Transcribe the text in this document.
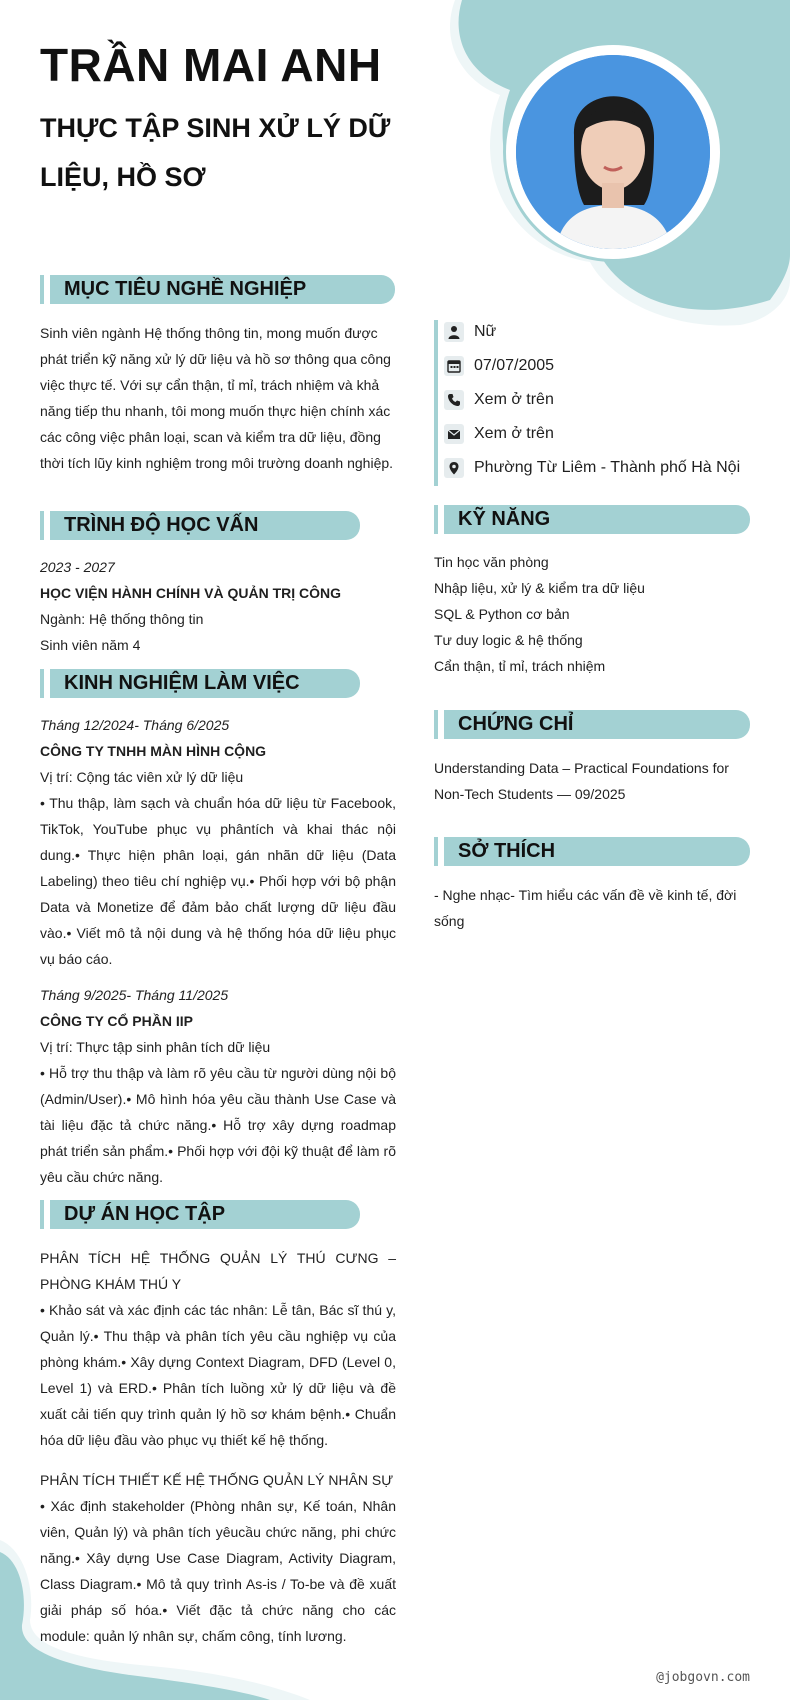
TRẦN MAI ANH
THỰC TẬP SINH XỬ LÝ DỮ LIỆU, HỒ SƠ
MỤC TIÊU NGHỀ NGHIỆP
Sinh viên ngành Hệ thống thông tin, mong muốn được phát triển kỹ năng xử lý dữ liệu và hồ sơ thông qua công việc thực tế. Với sự cẩn thận, tỉ mỉ, trách nhiệm và khả năng tiếp thu nhanh, tôi mong muốn thực hiện chính xác các công việc phân loại, scan và kiểm tra dữ liệu, đồng thời tích lũy kinh nghiệm trong môi trường doanh nghiệp.
Nữ
07/07/2005
Xem ở trên
Xem ở trên
Phường Từ Liêm - Thành phố Hà Nội
TRÌNH ĐỘ HỌC VẤN
2023 - 2027
HỌC VIỆN HÀNH CHÍNH VÀ QUẢN TRỊ CÔNG
Ngành: Hệ thống thông tin
Sinh viên năm 4
KINH NGHIỆM LÀM VIỆC
Tháng 12/2024- Tháng 6/2025
CÔNG TY TNHH MÀN HÌNH CỘNG
Vị trí: Cộng tác viên xử lý dữ liệu
• Thu thập, làm sạch và chuẩn hóa dữ liệu từ Facebook, TikTok, YouTube phục vụ phântích và khai thác nội dung.• Thực hiện phân loại, gán nhãn dữ liệu (Data Labeling) theo tiêu chí nghiệp vụ.• Phối hợp với bộ phận Data và Monetize để đảm bảo chất lượng dữ liệu đầu vào.• Viết mô tả nội dung và hệ thống hóa dữ liệu phục vụ báo cáo.
Tháng 9/2025- Tháng 11/2025
CÔNG TY CỔ PHẦN IIP
Vị trí: Thực tập sinh phân tích dữ liệu
• Hỗ trợ thu thập và làm rõ yêu cầu từ người dùng nội bộ (Admin/User).• Mô hình hóa yêu cầu thành Use Case và tài liệu đặc tả chức năng.• Hỗ trợ xây dựng roadmap phát triển sản phẩm.• Phối hợp với đội kỹ thuật để làm rõ yêu cầu chức năng.
DỰ ÁN HỌC TẬP
PHÂN TÍCH HỆ THỐNG QUẢN LÝ THÚ CƯNG – PHÒNG KHÁM THÚ Y
• Khảo sát và xác định các tác nhân: Lễ tân, Bác sĩ thú y, Quản lý.• Thu thập và phân tích yêu cầu nghiệp vụ của phòng khám.• Xây dựng Context Diagram, DFD (Level 0, Level 1) và ERD.• Phân tích luồng xử lý dữ liệu và đề xuất cải tiến quy trình quản lý hồ sơ khám bệnh.• Chuẩn hóa dữ liệu đầu vào phục vụ thiết kế hệ thống.
PHÂN TÍCH THIẾT KẾ HỆ THỐNG QUẢN LÝ NHÂN SỰ
• Xác định stakeholder (Phòng nhân sự, Kế toán, Nhân viên, Quản lý) và phân tích yêucầu chức năng, phi chức năng.• Xây dựng Use Case Diagram, Activity Diagram, Class Diagram.• Mô tả quy trình As-is / To-be và đề xuất giải pháp số hóa.• Viết đặc tả chức năng cho các module: quản lý nhân sự, chấm công, tính lương.
KỸ NĂNG
Tin học văn phòng
Nhập liệu, xử lý & kiểm tra dữ liệu
SQL & Python cơ bản
Tư duy logic & hệ thống
Cẩn thận, tỉ mỉ, trách nhiệm
CHỨNG CHỈ
Understanding Data – Practical Foundations for Non-Tech Students — 09/2025
SỞ THÍCH
- Nghe nhạc- Tìm hiểu các vấn đề về kinh tế, đời sống
@jobgovn.com
